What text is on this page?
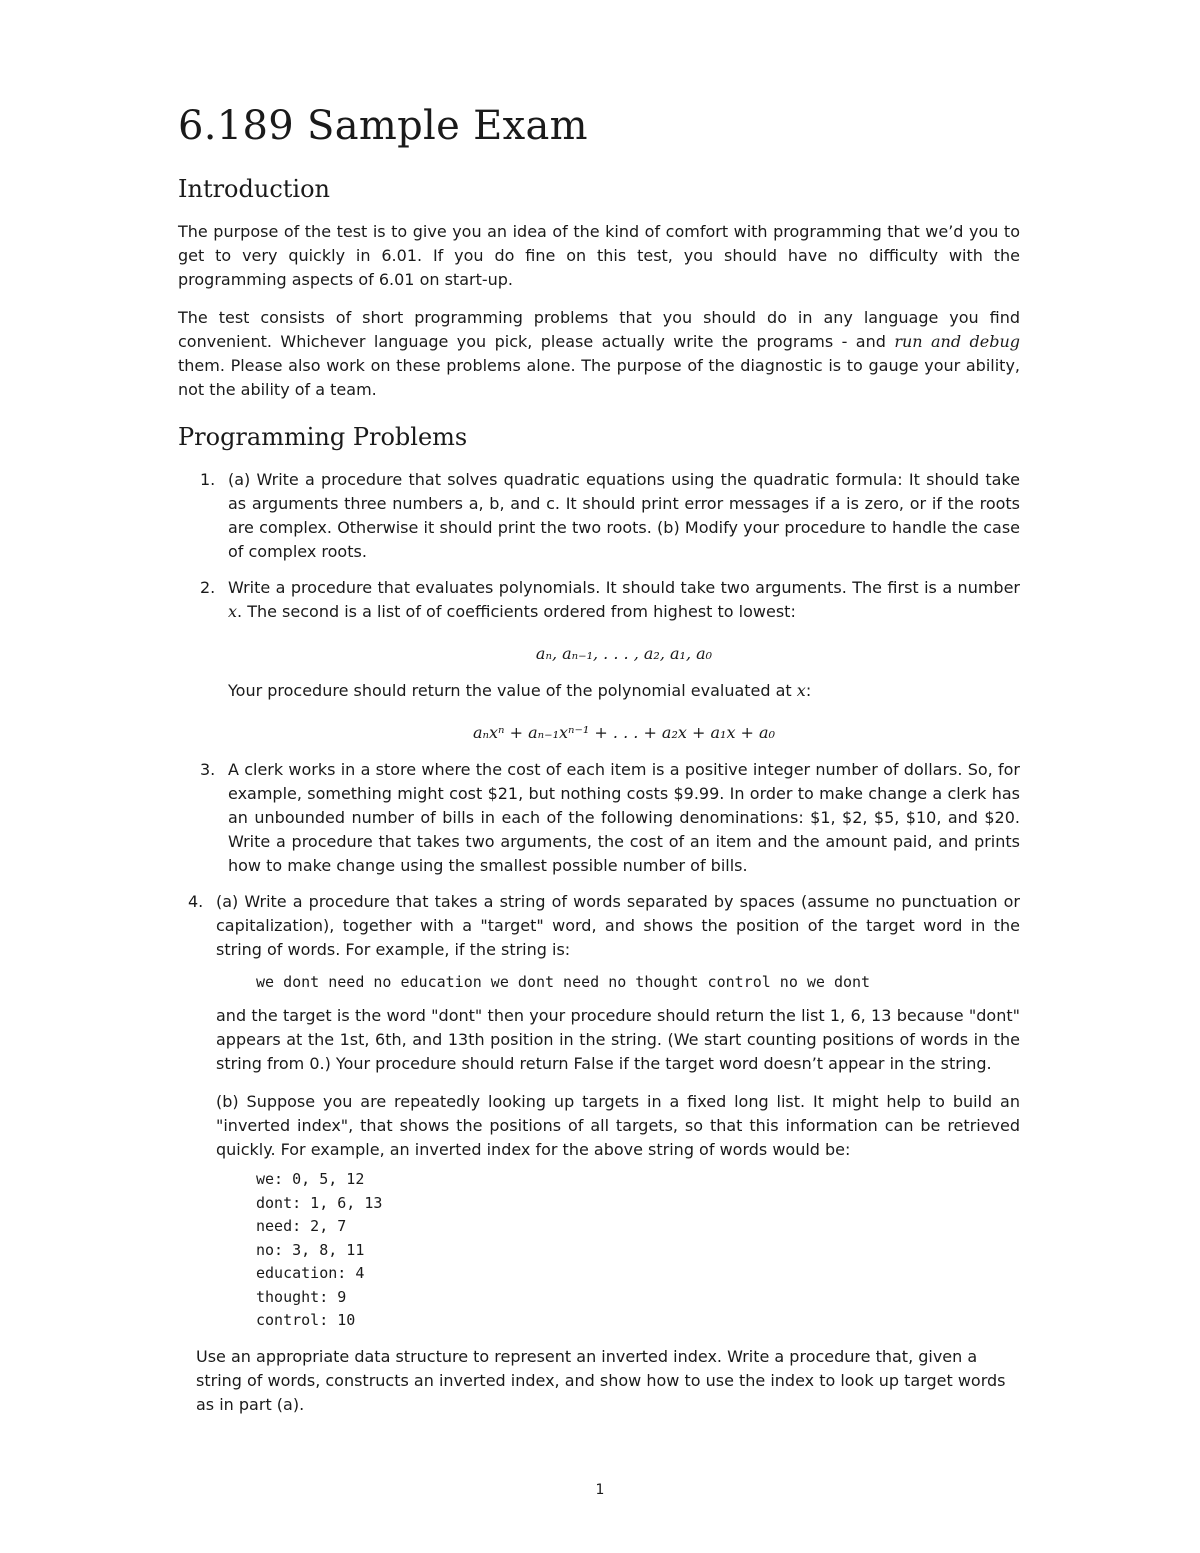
6.189 Sample Exam
Introduction

The purpose of the test is to give you an idea of the kind of comfort with programming that we’d you to get to very quickly in 6.01. If you do fine on this test, you should have no difficulty with the programming aspects of 6.01 on start-up.

The test consists of short programming problems that you should do in any language you find convenient. Whichever language you pick, please actually write the programs - and run and debug them. Please also work on these problems alone. The purpose of the diagnostic is to gauge your ability, not the ability of a team.

Programming Problems
1. (a) Write a procedure that solves quadratic equations using the quadratic formula: It should take as arguments three numbers a, b, and c. It should print error messages if a is zero, or if the roots are complex. Otherwise it should print the two roots. (b) Modify your procedure to handle the case of complex roots.

2. Write a procedure that evaluates polynomials. It should take two arguments. The first is a number x. The second is a list of of coefficients ordered from highest to lowest:

aₙ, aₙ₋₁, . . . , a₂, a₁, a₀

Your procedure should return the value of the polynomial evaluated at x:

aₙxⁿ + aₙ₋₁xⁿ⁻¹ + . . . + a₂x + a₁x + a₀
3. A clerk works in a store where the cost of each item is a positive integer number of dollars. So, for example, something might cost $21, but nothing costs $9.99. In order to make change a clerk has an unbounded number of bills in each of the following denominations: $1, $2, $5, $10, and $20. Write a procedure that takes two arguments, the cost of an item and the amount paid, and prints how to make change using the smallest possible number of bills.

4. (a) Write a procedure that takes a string of words separated by spaces (assume no punctuation or capitalization), together with a "target" word, and shows the position of the target word in the string of words. For example, if the string is:

we dont need no education we dont need no thought control no we dont

and the target is the word "dont" then your procedure should return the list 1, 6, 13 because "dont" appears at the 1st, 6th, and 13th position in the string. (We start counting positions of words in the string from 0.) Your procedure should return False if the target word doesn’t appear in the string.

(b) Suppose you are repeatedly looking up targets in a fixed long list. It might help to build an "inverted index", that shows the positions of all targets, so that this information can be retrieved quickly. For example, an inverted index for the above string of words would be:

we: 0, 5, 12
dont: 1, 6, 13
need: 2, 7
no: 3, 8, 11
education: 4
thought: 9
control: 10

Use an appropriate data structure to represent an inverted index. Write a procedure that, given a string of words, constructs an inverted index, and show how to use the index to look up target words as in part (a).

1
